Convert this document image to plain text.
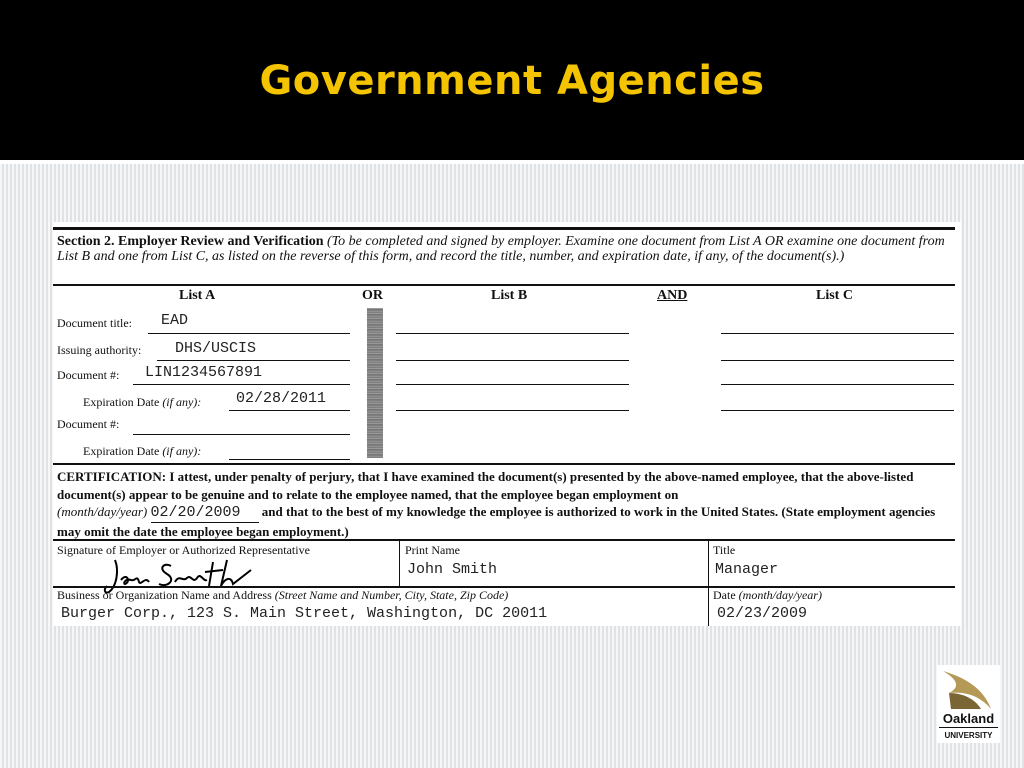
Government Agencies
Section 2. Employer Review and Verification (To be completed and signed by employer. Examine one document from List A OR examine one document from List B and one from List C, as listed on the reverse of this form, and record the title, number, and expiration date, if any, of the document(s).)
List A	OR	List B	AND	List C
Document title: EAD
Issuing authority: DHS/USCIS
Document #: LIN1234567891
Expiration Date (if any): 02/28/2011
Document #:
Expiration Date (if any):
CERTIFICATION: I attest, under penalty of perjury, that I have examined the document(s) presented by the above-named employee, that the above-listed document(s) appear to be genuine and to relate to the employee named, that the employee began employment on
(month/day/year) 02/20/2009 and that to the best of my knowledge the employee is authorized to work in the United States. (State employment agencies may omit the date the employee began employment.)
Signature of Employer or Authorized Representative	Print Name
John Smith
Title
Manager
Business or Organization Name and Address (Street Name and Number, City, State, Zip Code)
Burger Corp., 123 S. Main Street, Washington, DC 20011
Date (month/day/year)
02/23/2009
Oakland
UNIVERSITY
